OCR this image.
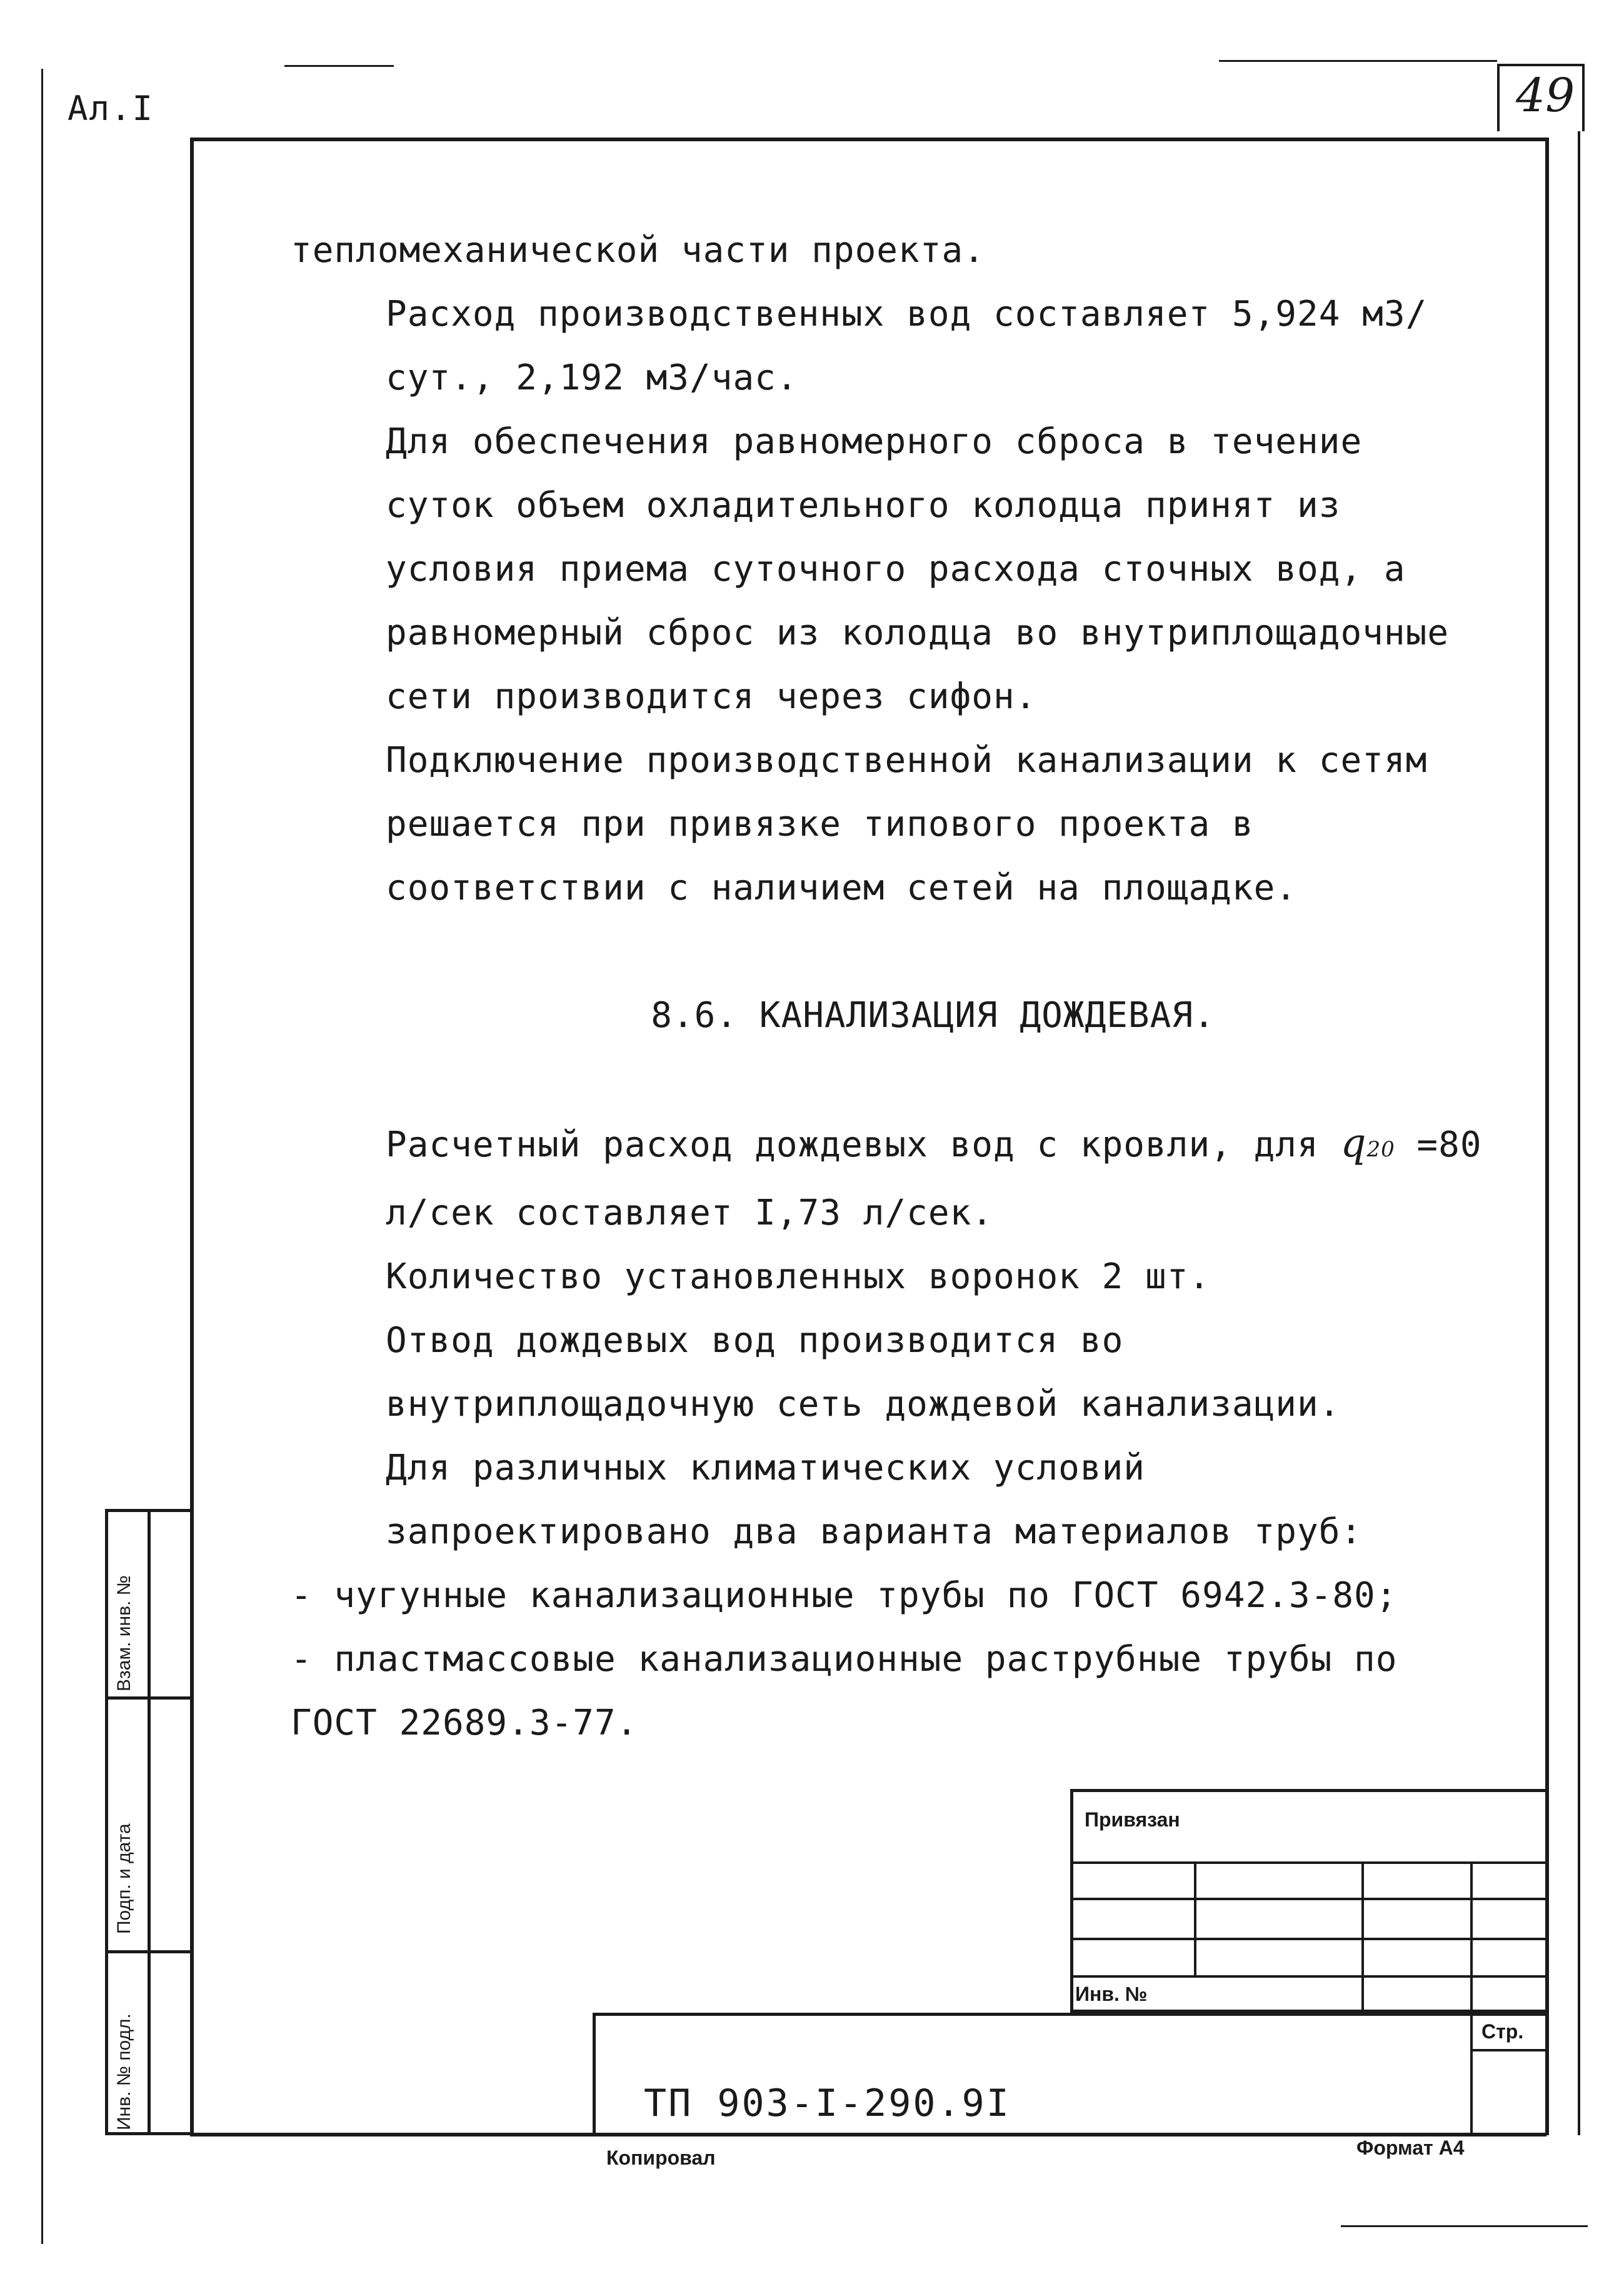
Ал.I	49

тепломеханической части проекта.

Расход производственных вод составляет 5,924 м3/сут., 2,192 м3/час.

Для обеспечения равномерного сброса в течение суток объем охладительного колодца принят из условия приема суточного расхода сточных вод, а равномерный сброс из колодца во внутриплощадочные сети производится через сифон.

Подключение производственной канализации к сетям решается при привязке типового проекта в соответствии с наличием сетей на площадке.

8.6. КАНАЛИЗАЦИЯ ДОЖДЕВАЯ.

Расчетный расход дождевых вод с кровли, для q20 =80 л/сек составляет I,73 л/сек.

Количество установленных воронок 2 шт.

Отвод дождевых вод производится во внутриплощадочную сеть дождевой канализации.

Для различных климатических условий запроектировано два варианта материалов труб:

- чугунные канализационные трубы по ГОСТ 6942.3-80;

- пластмассовые канализационные раструбные трубы по ГОСТ 22689.3-77.

Взам. инв. №
Подп. и дата
Инв. № подл.
Привязан
Инв. №
Стр.
ТП 903-I-290.9I
Копировал	Формат А4
